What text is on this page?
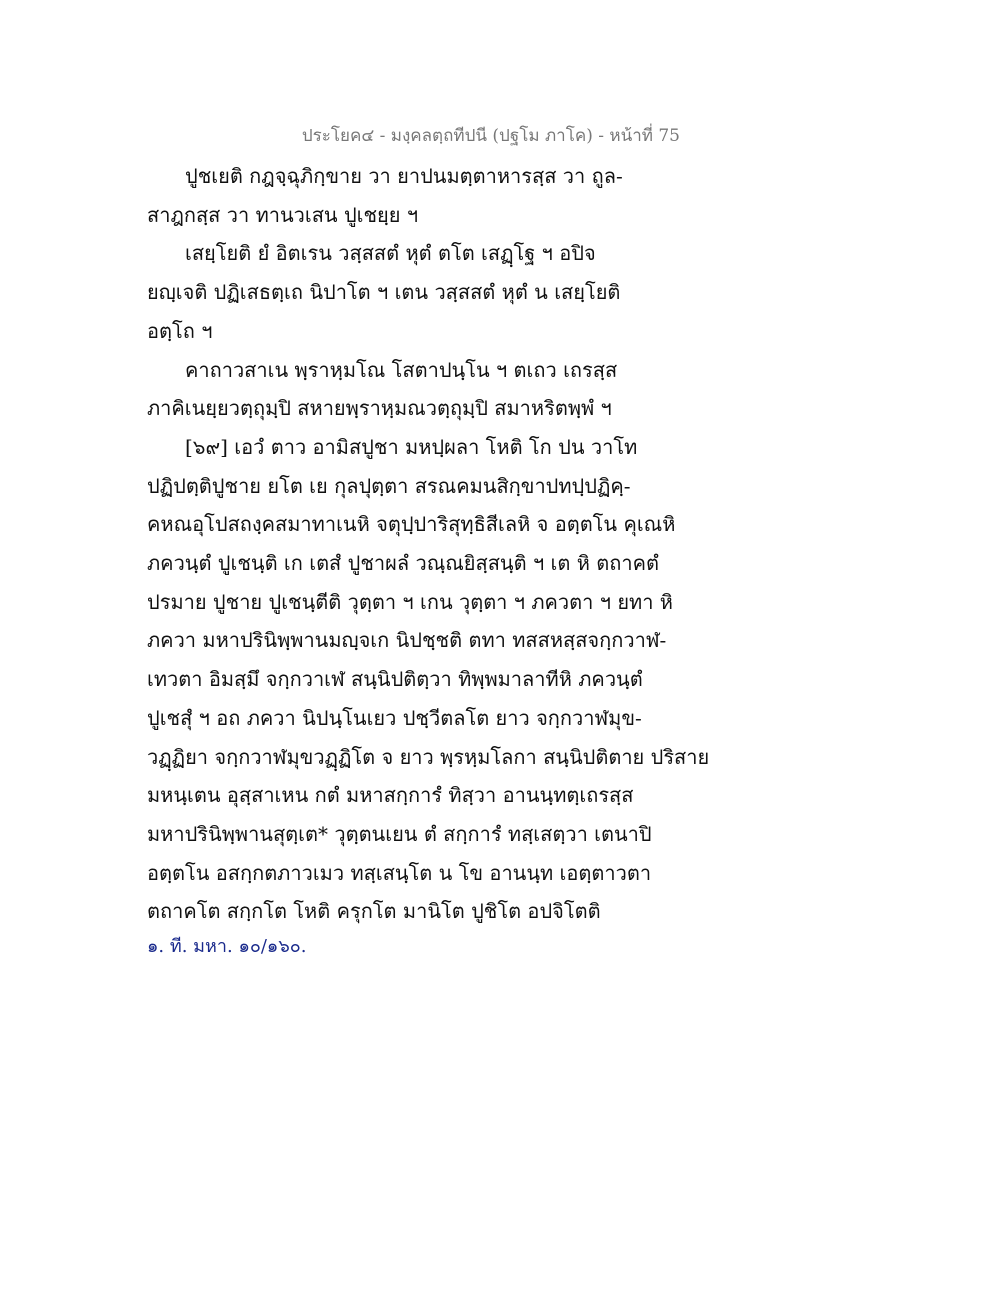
ประโยค๔ - มงฺคลตฺถทีปนี (ปฐโม ภาโค) - หน้าที่ 75
ปูชเยติ กฎจฺฉุภิกฺขาย วา ยาปนมตฺตาหารสฺส วา ถูล-
สาฎกสฺส วา ทานวเสน ปูเชยฺย ฯ
เสยฺโยติ ยํ อิตเรน วสฺสสตํ หุตํ ตโต เสฏฺโฐ ฯ อปิจ
ยญฺเจติ ปฏิเสธตฺเถ นิปาโต ฯ เตน วสฺสสตํ หุตํ น เสยฺโยติ
อตฺโถ ฯ
คาถาวสาเน พฺราหฺมโณ โสตาปนฺโน ฯ ตเถว เถรสฺส
ภาคิเนยฺยวตฺถุมฺปิ สหายพฺราหฺมณวตฺถุมฺปิ สมาหริตพฺพํ ฯ
[๖๙] เอวํ ตาว อามิสปูชา มหปฺผลา โหติ โก ปน วาโท
ปฏิปตฺติปูชาย ยโต เย กุลปุตฺตา สรณคมนสิกฺขาปทปฺปฏิคฺ-
คหณอุโปสถงฺคสมาทาเนหิ จตุปฺปาริสุทฺธิสีเลหิ จ อตฺตโน คุเณหิ
ภควนฺตํ ปูเชนฺติ เก เตสํ ปูชาผลํ วณฺณยิสฺสนฺติ ฯ เต หิ ตถาคตํ
ปรมาย ปูชาย ปูเชนฺตีติ วุตฺตา ฯ เกน วุตฺตา ฯ ภควตา ฯ ยทา หิ
ภควา มหาปรินิพฺพานมญฺจเก นิปชฺชติ ตทา ทสสหสฺสจกฺกวาฬ-
เทวตา อิมสฺมึ จกฺกวาเฬ สนฺนิปติตฺวา ทิพฺพมาลาทีหิ ภควนฺตํ
ปูเชสุํ ฯ อถ ภควา นิปนฺโนเยว ปชฺวีตลโต ยาว จกฺกวาฬมุข-
วฏฺฏิยา จกฺกวาฬมุขวฏฺฏิโต จ ยาว พฺรหฺมโลกา สนฺนิปติตาย ปริสาย
มหนฺเตน อุสฺสาเหน กตํ มหาสกฺการํ ทิสฺวา อานนฺทตฺเถรสฺส
มหาปรินิพฺพานสุตฺเต* วุตฺตนเยน ตํ สกฺการํ ทสฺเสตฺวา เตนาปิ
อตฺตโน อสกฺกตภาวเมว ทสฺเสนฺโต น โข อานนฺท เอตฺตาวตา
ตถาคโต สกฺกโต โหติ ครุกโต มานิโต ปูชิโต อปจิโตติ
๑. ที. มหา. ๑๐/๑๖๐.
